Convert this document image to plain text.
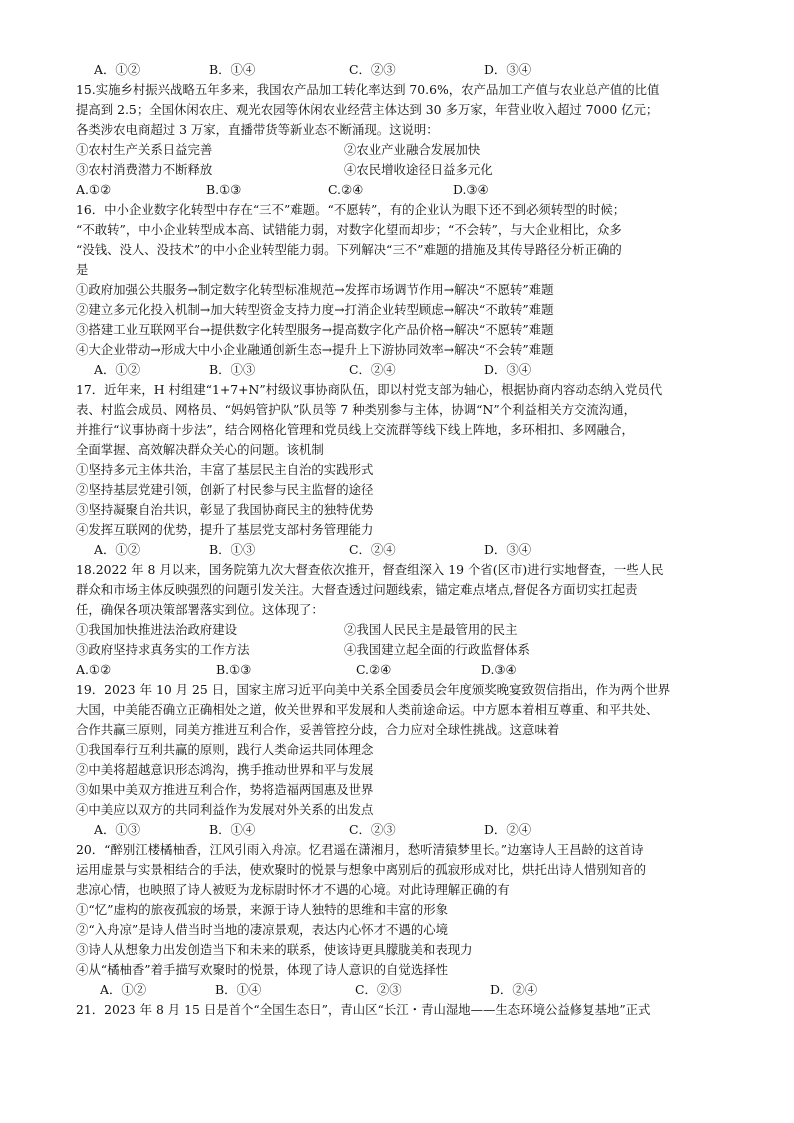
A．①②	B．①④	C．②③	D．③④
15.实施乡村振兴战略五年多来，我国农产品加工转化率达到 70.6%，农产品加工产值与农业总产值的比值
提高到 2.5；全国休闲农庄、观光农园等休闲农业经营主体达到 30 多万家，年营业收入超过 7000 亿元；
各类涉农电商超过 3 万家，直播带货等新业态不断涌现。这说明：
①农村生产关系日益完善	②农业产业融合发展加快
③农村消费潜力不断释放	④农民增收途径日益多元化
A.①②	B.①③	C.②④	D.③④
16．中小企业数字化转型中存在“三不”难题。“不愿转”，有的企业认为眼下还不到必须转型的时候；
“不敢转”，中小企业转型成本高、试错能力弱，对数字化望而却步；“不会转”，与大企业相比，众多
“没钱、没人、没技术”的中小企业转型能力弱。下列解决“三不”难题的措施及其传导路径分析正确的
是
①政府加强公共服务→制定数字化转型标准规范→发挥市场调节作用→解决“不愿转”难题
②建立多元化投入机制→加大转型资金支持力度→打消企业转型顾虑→解决“不敢转”难题
③搭建工业互联网平台→提供数字化转型服务→提高数字化产品价格→解决“不愿转”难题
④大企业带动→形成大中小企业融通创新生态→提升上下游协同效率→解决“不会转”难题
A．①②	B．①③	C．②④	D．③④
17．近年来，H 村组建“1+7+N”村级议事协商队伍，即以村党支部为轴心，根据协商内容动态纳入党员代
表、村监会成员、网格员、“妈妈管护队”队员等 7 种类别参与主体，协调“N”个利益相关方交流沟通，
并推行“议事协商十步法”，结合网格化管理和党员线上交流群等线下线上阵地，多环相扣、多网融合，
全面掌握、高效解决群众关心的问题。该机制
①坚持多元主体共治，丰富了基层民主自治的实践形式
②坚持基层党建引领，创新了村民参与民主监督的途径
③坚持凝聚自治共识，彰显了我国协商民主的独特优势
④发挥互联网的优势，提升了基层党支部村务管理能力
A．①②	B．①③	C．②④	D．③④
18.2022 年 8 月以来，国务院第九次大督查依次推开，督查组深入 19 个省(区市)进行实地督查，一些人民
群众和市场主体反映强烈的问题引发关注。大督查透过问题线索，锚定难点堵点,督促各方面切实扛起责
任，确保各项决策部署落实到位。这体现了：
①我国加快推进法治政府建设	②我国人民民主是最管用的民主
③政府坚持求真务实的工作方法	④我国建立起全面的行政监督体系
A.①②	B.①③	C.②④	D.③④
19．2023 年 10 月 25 日，国家主席习近平向美中关系全国委员会年度颁奖晚宴致贺信指出，作为两个世界
大国，中美能否确立正确相处之道，攸关世界和平发展和人类前途命运。中方愿本着相互尊重、和平共处、
合作共赢三原则，同美方推进互利合作，妥善管控分歧，合力应对全球性挑战。这意味着
①我国奉行互利共赢的原则，践行人类命运共同体理念
②中美将超越意识形态鸿沟，携手推动世界和平与发展
③如果中美双方推进互利合作，势将造福两国惠及世界
④中美应以双方的共同利益作为发展对外关系的出发点
A．①③	B．①④	C．②③	D．②④
20．“醉别江楼橘柚香，江风引雨入舟凉。忆君遥在潇湘月，愁听清猿梦里长。”边塞诗人王昌龄的这首诗
运用虚景与实景相结合的手法，使欢聚时的悦景与想象中离别后的孤寂形成对比，烘托出诗人惜别知音的
悲凉心情，也映照了诗人被贬为龙标尉时怀才不遇的心境。对此诗理解正确的有
①“忆”虚构的旅夜孤寂的场景，来源于诗人独特的思维和丰富的形象
②“入舟凉”是诗人借当时当地的凄凉景观，表达内心怀才不遇的心境
③诗人从想象力出发创造当下和未来的联系，使该诗更具朦胧美和表现力
④从“橘柚香”着手描写欢聚时的悦景，体现了诗人意识的自觉选择性
A．①②	B．①④	C．②③	D．②④
21．2023 年 8 月 15 日是首个“全国生态日”，青山区“长江・青山湿地——生态环境公益修复基地”正式
